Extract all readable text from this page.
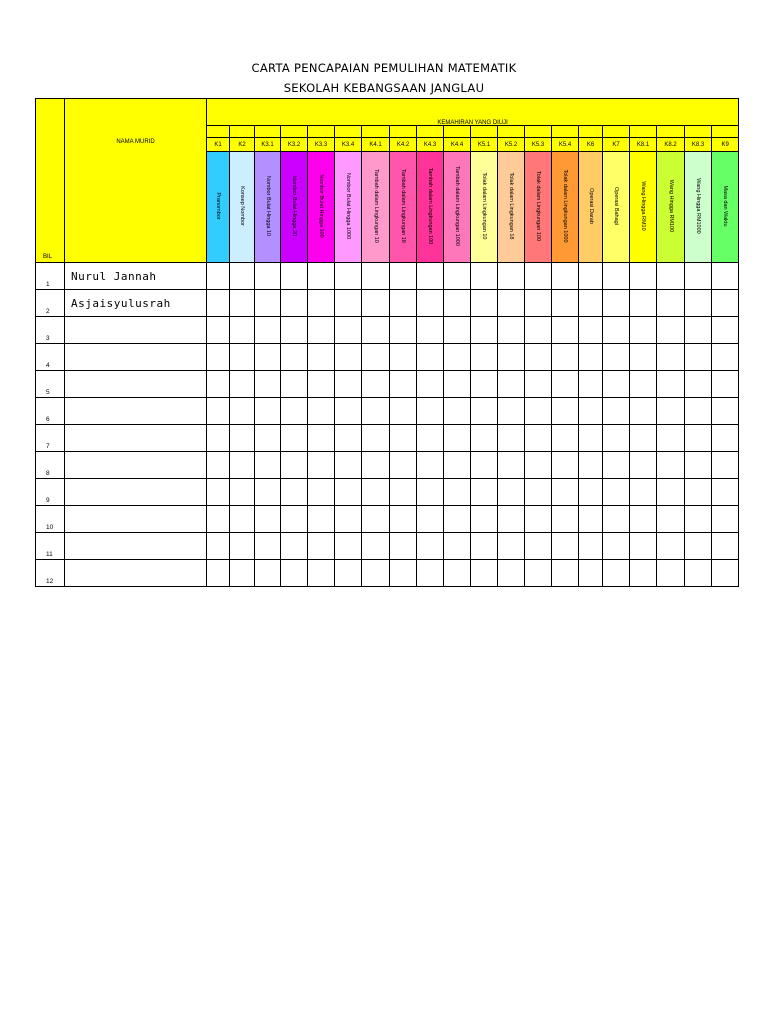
CARTA PENCAPAIAN PEMULIHAN MATEMATIK
SEKOLAH KEBANGSAAN JANGLAU
BIL	$^{NAMA MURID}$	$_{KEMAHIRAN YANG DIUJI}$

		K1	K2	K3.1	K3.2	K3.3	K3.4	K4.1	K4.2	K4.3	K4.4	K5.1	K5.2	K5.3	K5.4	K6	K7	K8.1	K8.2	K8.3	K9

		Pranombor	Konsep Nombor	Nombor Bulat Hingga 10	Nombor Bulat Hingga 20	Nombor Bulat Hingga 100	Nombor Bulat Hingga 1000	Tambah dalam Lingkungan 10	Tambah dalam Lingkungan 18	Tambah dalam Lingkungan 100	Tambah dalam Lingkungan 1000	Tolak dalam Lingkungan 10	Tolak dalam Lingkungan 18	Tolak dalam Lingkungan 100	Tolak dalam Lingkungan 1000	Operasi Darab	Operasi Bahagi	Wang Hingga RM10	Wang Hingga RM100	Wang Hingga RM1000	Masa dan Waktu

1	Nurul Jannah																				
2	Asjaisyulusrah																				
3																					
4																					
5																					
6																					
7																					
8																					
9																					
10																					
11																					
12																					
